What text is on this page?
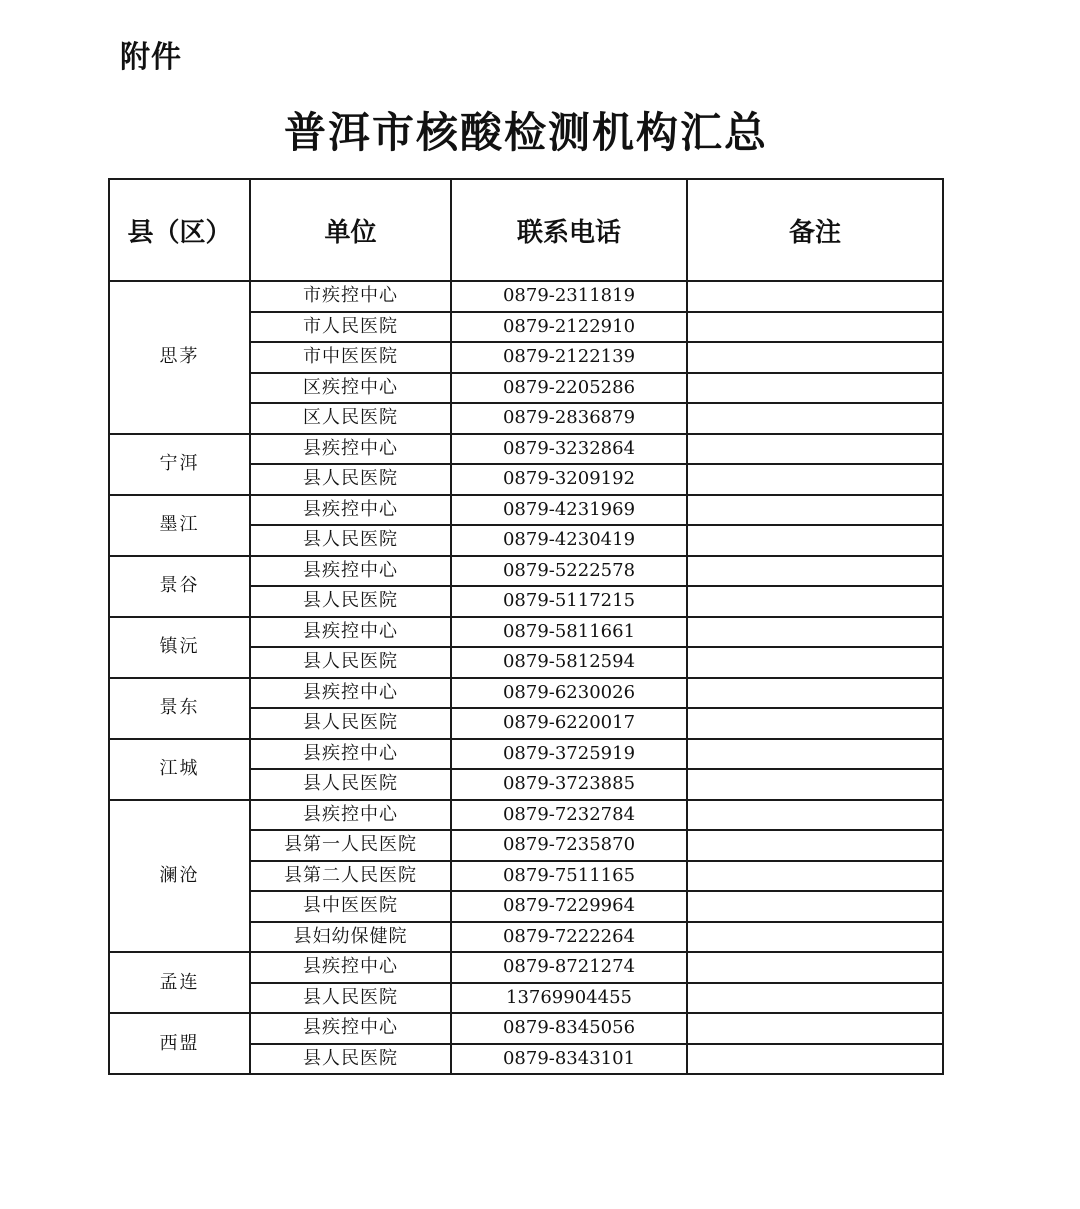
附件
普洱市核酸检测机构汇总
县（区）	单位	联系电话	备注
思茅	市疾控中心	0879-2311819	
	市人民医院	0879-2122910	
	市中医医院	0879-2122139	
	区疾控中心	0879-2205286	
	区人民医院	0879-2836879	
宁洱	县疾控中心	0879-3232864	
	县人民医院	0879-3209192	
墨江	县疾控中心	0879-4231969	
	县人民医院	0879-4230419	
景谷	县疾控中心	0879-5222578	
	县人民医院	0879-5117215	
镇沅	县疾控中心	0879-5811661	
	县人民医院	0879-5812594	
景东	县疾控中心	0879-6230026	
	县人民医院	0879-6220017	
江城	县疾控中心	0879-3725919	
	县人民医院	0879-3723885	
澜沧	县疾控中心	0879-7232784	
	县第一人民医院	0879-7235870	
	县第二人民医院	0879-7511165	
	县中医医院	0879-7229964	
	县妇幼保健院	0879-7222264	
孟连	县疾控中心	0879-8721274	
	县人民医院	13769904455	
西盟	县疾控中心	0879-8345056	
	县人民医院	0879-8343101	
